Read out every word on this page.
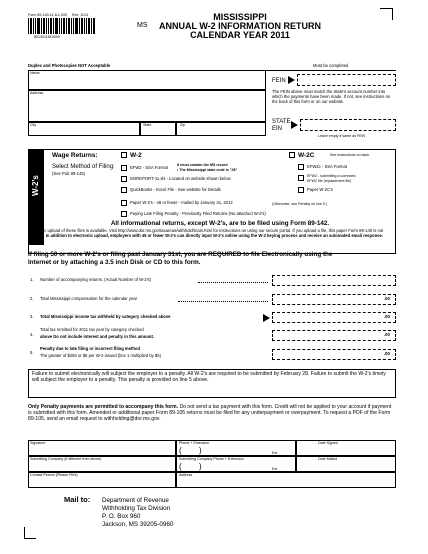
Form 89-140-11-8-1-000 Rev. 11/11
8914011810000
MS
MISSISSIPPI
ANNUAL W-2 INFORMATION RETURN
CALENDAR YEAR 2011
Duplex and Photocopies NOT Acceptable	Must be completed
Name
Address
City	State	Zip
FEIN
The FEIN above must match the State's account number into which the payments have been made. If not, see instructions on the back of this form or on our website.
STATE
EIN
Leave empty if same as FEIN
W-2's
Wage Returns:	W-2	W-2C	See instructions on back
Select Method of Filing:
(See Pub 89-145)
EFW2 - SSA Format	If must contain the MS record
• The Mississippi state code is "28"
W2REPORT-11.xls - Located on website shown below
QuickBooks - Excel File - See website for Details
EFW2c - SSA Format
EFW2 - submitting a corrected
EFW2 file (replacement file)
Paper W-2C's
Paper W-2's - 49 or fewer - mailed by January 31, 2012	(Otherwise, see Penalty on line 5.)
Paying Late Filing Penalty - Previously Filed Returns (No attached W-2's)
All informational returns, except W-2's, are to be filed using Form 89-142.
Electronic upload of these files is available. Visit http://www.dor.ms.gov/taxareas/withhold/main.html for instructions on using our secure portal. If you upload a file, this paper Form 89-140 is not required. In addition to electronic upload, employers with 49 or fewer W-2's can directly input W-2's online using the W-2 keying process and receive an automated email response.
If filing 50 or more W-2's or filing past January 31st, you are REQUIRED to file Electronically using the
Internet or by attaching a 3.5 inch Disk or CD to this form.
1. Number of accompanying returns. (Actual Number of W-2's)
2. Total Mississippi compensation for the calendar year	.00
3. Total Mississippi income tax withheld by category checked above	.00
4.
Total tax remitted for 2011 tax year by category checked
above Do not include interest and penalty in this amount.	.00
5.
Penalty due to late filing or incorrect filing method
The greater of $250 or $5 per W-2 issued (line 1 multiplied by $5)	.00
Failure to submit electronically will subject the employer to a penalty. All W-2's are required to be submitted by February 28. Failure to submit the W-2's timely will subject the employer to a penalty. This penalty is provided on line 5 above.
Only Penalty payments are permitted to accompany this form. Do not send a tax payment with this form. Credit will not be applied to your account if payment is submitted with this form. Amended or additional paper Form 89-105 returns must be filed for any underpayment or overpayment. To request a PDF of the Form 89-105, send an email request to withholding@dor.ms.gov.
Signature	Phone + Extension
( )	Ext
Date Signed
Submitting Company (if different from above)	Submitting Company Phone + Extension
( )	Ext
Date Mailed
Contact Person (Please Print)	Address
Mail to: Department of Revenue
Withholding Tax Division
P. O. Box 960
Jackson, MS 39205-0960
